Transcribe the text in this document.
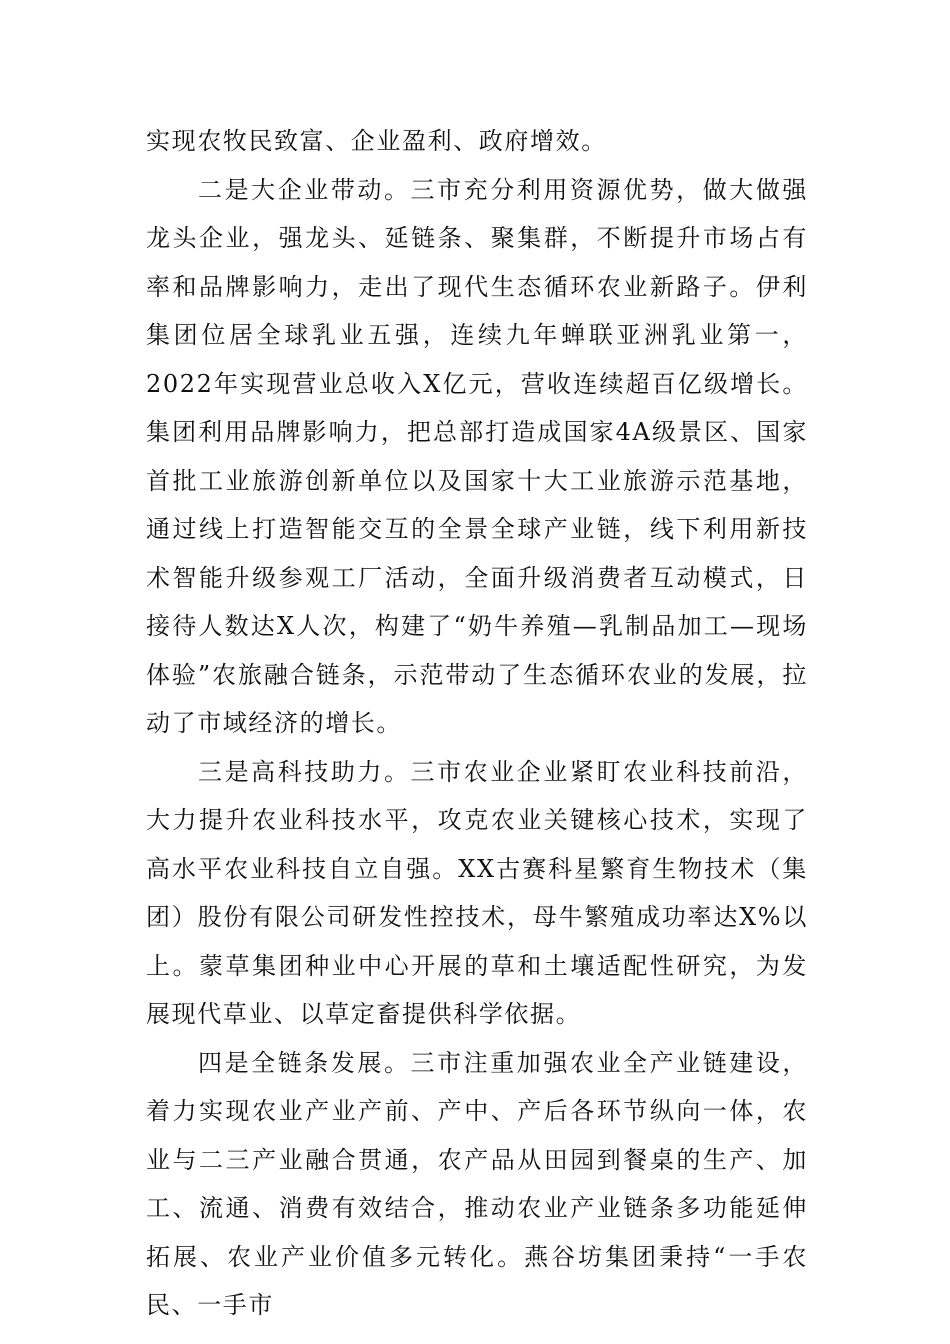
实现农牧民致富、企业盈利、政府增效。

二是大企业带动。三市充分利用资源优势，做大做强龙头企业，强龙头、延链条、聚集群，不断提升市场占有率和品牌影响力，走出了现代生态循环农业新路子。伊利集团位居全球乳业五强，连续九年蝉联亚洲乳业第一，2022年实现营业总收入X亿元，营收连续超百亿级增长。集团利用品牌影响力，把总部打造成国家4A级景区、国家首批工业旅游创新单位以及国家十大工业旅游示范基地，通过线上打造智能交互的全景全球产业链，线下利用新技术智能升级参观工厂活动，全面升级消费者互动模式，日接待人数达X人次，构建了“奶牛养殖—乳制品加工—现场体验”农旅融合链条，示范带动了生态循环农业的发展，拉动了市域经济的增长。

三是高科技助力。三市农业企业紧盯农业科技前沿，大力提升农业科技水平，攻克农业关键核心技术，实现了高水平农业科技自立自强。XX古赛科星繁育生物技术（集团）股份有限公司研发性控技术，母牛繁殖成功率达X%以上。蒙草集团种业中心开展的草和土壤适配性研究，为发展现代草业、以草定畜提供科学依据。

四是全链条发展。三市注重加强农业全产业链建设，着力实现农业产业产前、产中、产后各环节纵向一体，农业与二三产业融合贯通，农产品从田园到餐桌的生产、加工、流通、消费有效结合，推动农业产业链条多功能延伸拓展、农业产业价值多元转化。燕谷坊集团秉持“一手农民、一手市
